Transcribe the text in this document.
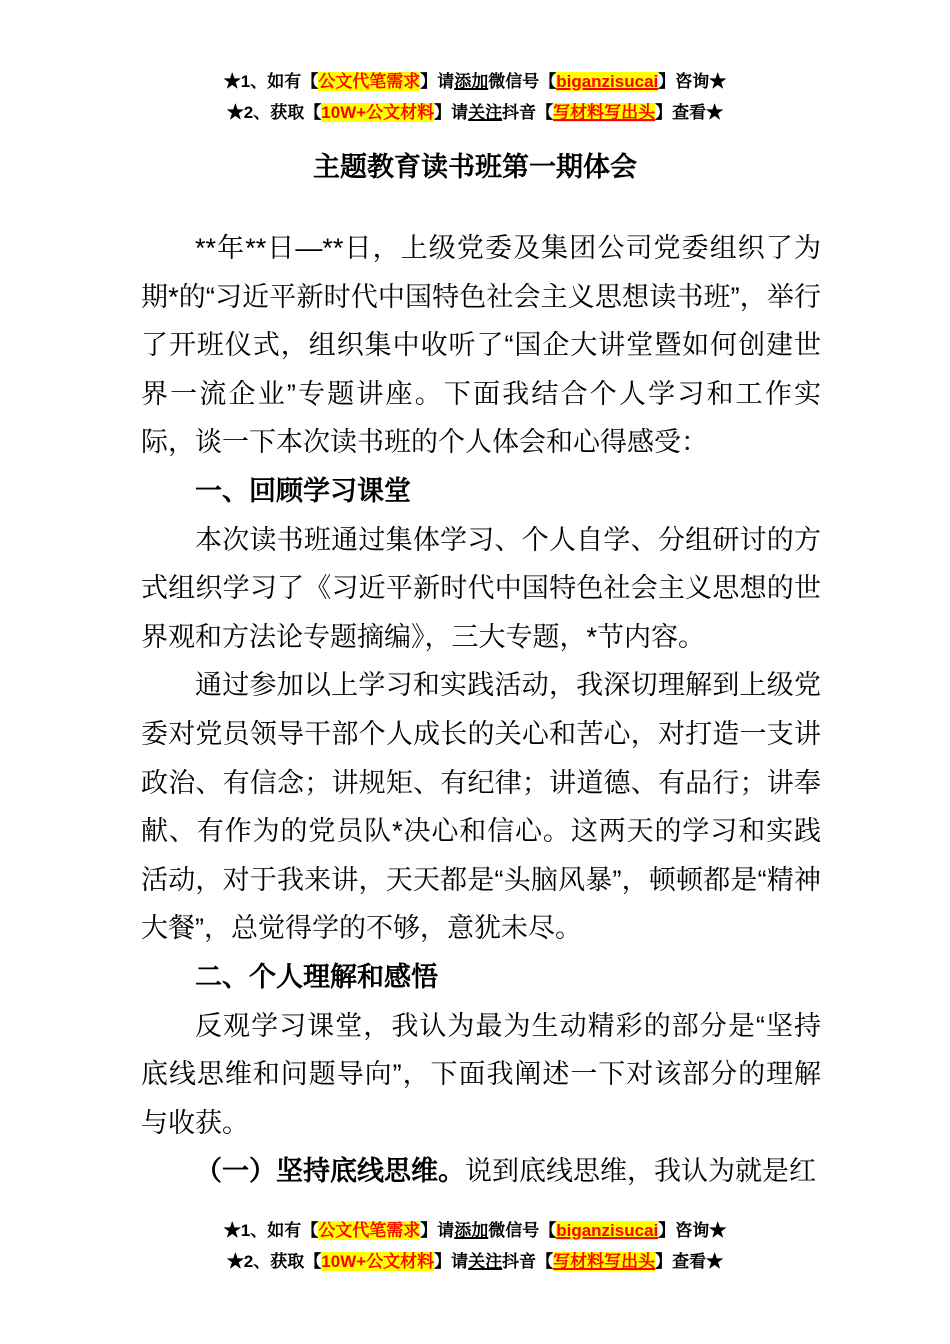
★1、如有【公文代笔需求】请添加微信号【biganzisucai】咨询★
★2、获取【10W+公文材料】请关注抖音【写材料写出头】查看★
主题教育读书班第一期体会

**年**日—**日，上级党委及集团公司党委组织了为期*的“习近平新时代中国特色社会主义思想读书班”，举行了开班仪式，组织集中收听了“国企大讲堂暨如何创建世界一流企业”专题讲座。下面我结合个人学习和工作实际，谈一下本次读书班的个人体会和心得感受：

一、回顾学习课堂

本次读书班通过集体学习、个人自学、分组研讨的方式组织学习了《习近平新时代中国特色社会主义思想的世界观和方法论专题摘编》，三大专题，*节内容。

通过参加以上学习和实践活动，我深切理解到上级党委对党员领导干部个人成长的关心和苦心，对打造一支讲政治、有信念；讲规矩、有纪律；讲道德、有品行；讲奉献、有作为的党员队*决心和信心。这两天的学习和实践活动，对于我来讲，天天都是“头脑风暴”，顿顿都是“精神大餐”，总觉得学的不够，意犹未尽。

二、个人理解和感悟

反观学习课堂，我认为最为生动精彩的部分是“坚持底线思维和问题导向”，下面我阐述一下对该部分的理解与收获。

（一）坚持底线思维。说到底线思维，我认为就是红

★1、如有【公文代笔需求】请添加微信号【biganzisucai】咨询★
★2、获取【10W+公文材料】请关注抖音【写材料写出头】查看★
